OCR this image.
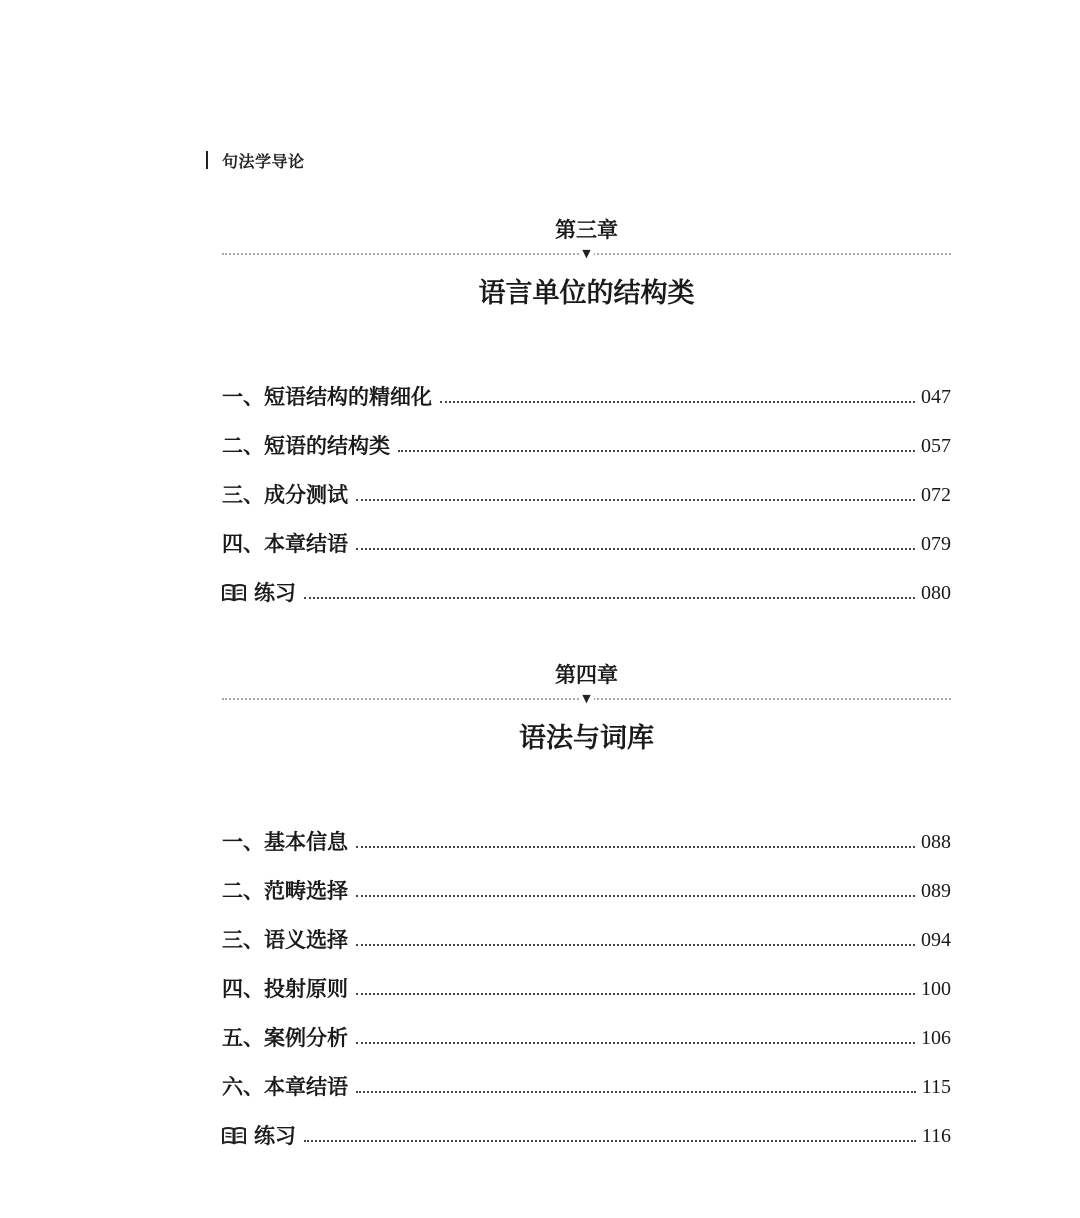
句法学导论
第三章
▼
语言单位的结构类
一、短语结构的精细化	047
二、短语的结构类	057
三、成分测试	072
四、本章结语	079
练习	080
第四章
▼
语法与词库
一、基本信息	088
二、范畴选择	089
三、语义选择	094
四、投射原则	100
五、案例分析	106
六、本章结语	115
练习	116
